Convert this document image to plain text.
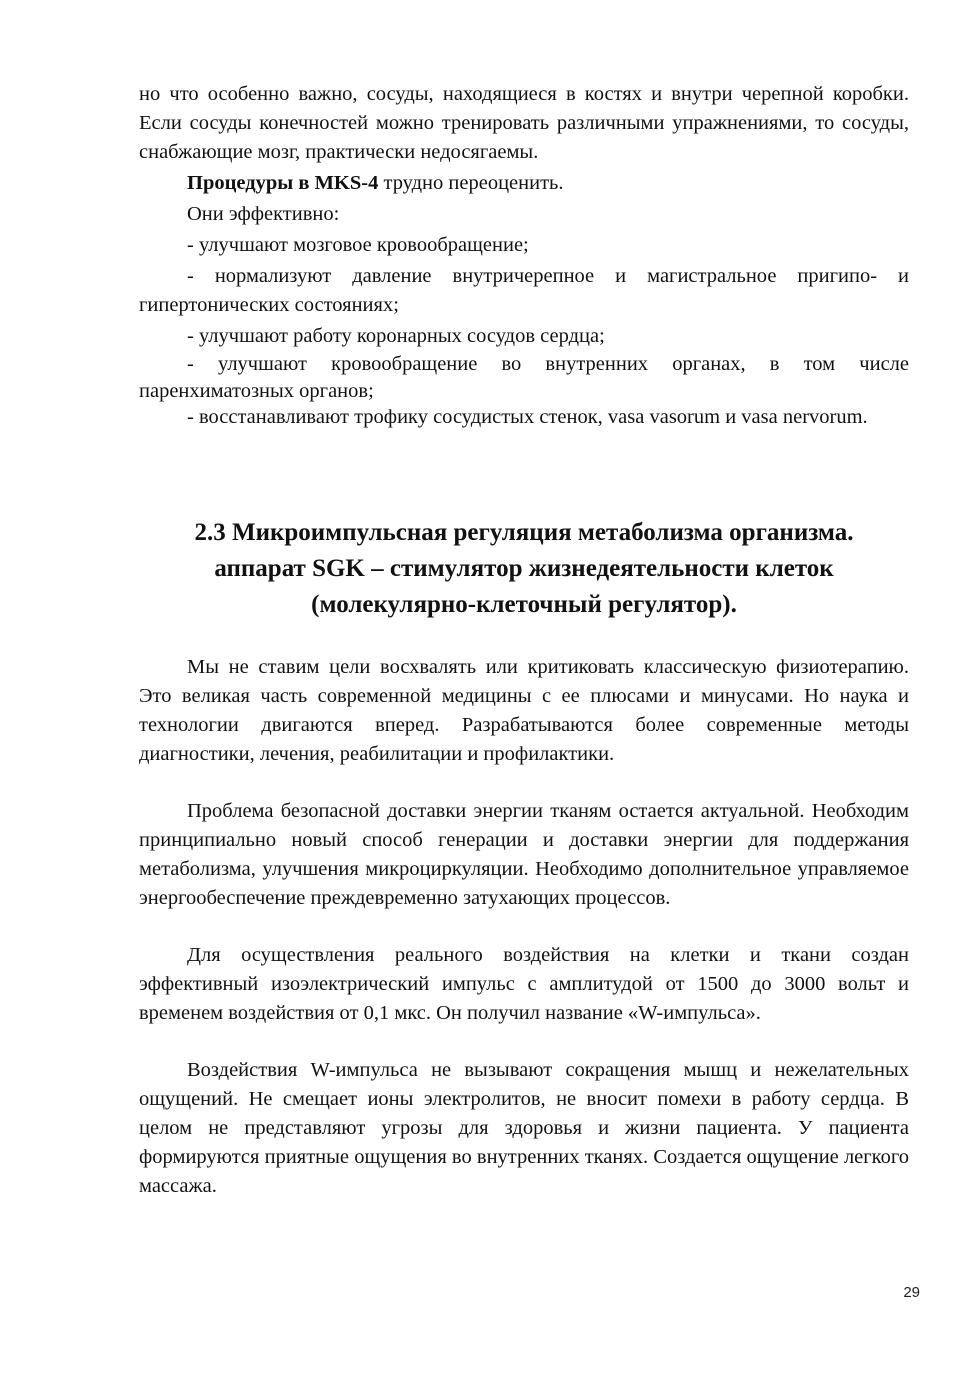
но что особенно важно, сосуды, находящиеся в костях и внутри черепной коробки. Если сосуды конечностей можно тренировать различными упражнениями, то сосуды, снабжающие мозг, практически недосягаемы.

Процедуры в MKS-4 трудно переоценить.

Они эффективно:

- улучшают мозговое кровообращение;

- нормализуют давление внутричерепное и магистральное пригипо- и гипертонических состояниях;

- улучшают работу коронарных сосудов сердца;

- улучшают кровообращение во внутренних органах, в том числе паренхиматозных органов;

- восстанавливают трофику сосудистых стенок, vasa vasorum и vasa nervorum.

2.3 Микроимпульсная регуляция метаболизма организма.
аппарат SGK – стимулятор жизнедеятельности клеток
(молекулярно-клеточный регулятор).

Мы не ставим цели восхвалять или критиковать классическую физиотерапию. Это великая часть современной медицины с ее плюсами и минусами. Но наука и технологии двигаются вперед. Разрабатываются более современные методы диагностики, лечения, реабилитации и профилактики.

Проблема безопасной доставки энергии тканям остается актуальной. Необходим принципиально новый способ генерации и доставки энергии для поддержания метаболизма, улучшения микроциркуляции. Необходимо дополнительное управляемое энергообеспечение преждевременно затухающих процессов.

Для осуществления реального воздействия на клетки и ткани создан эффективный изоэлектрический импульс с амплитудой от 1500 до 3000 вольт и временем воздействия от 0,1 мкс. Он получил название «W-импульса».

Воздействия W-импульса не вызывают сокращения мышц и нежелательных ощущений. Не смещает ионы электролитов, не вносит помехи в работу сердца. В целом не представляют угрозы для здоровья и жизни пациента. У пациента формируются приятные ощущения во внутренних тканях. Создается ощущение легкого массажа.

29
